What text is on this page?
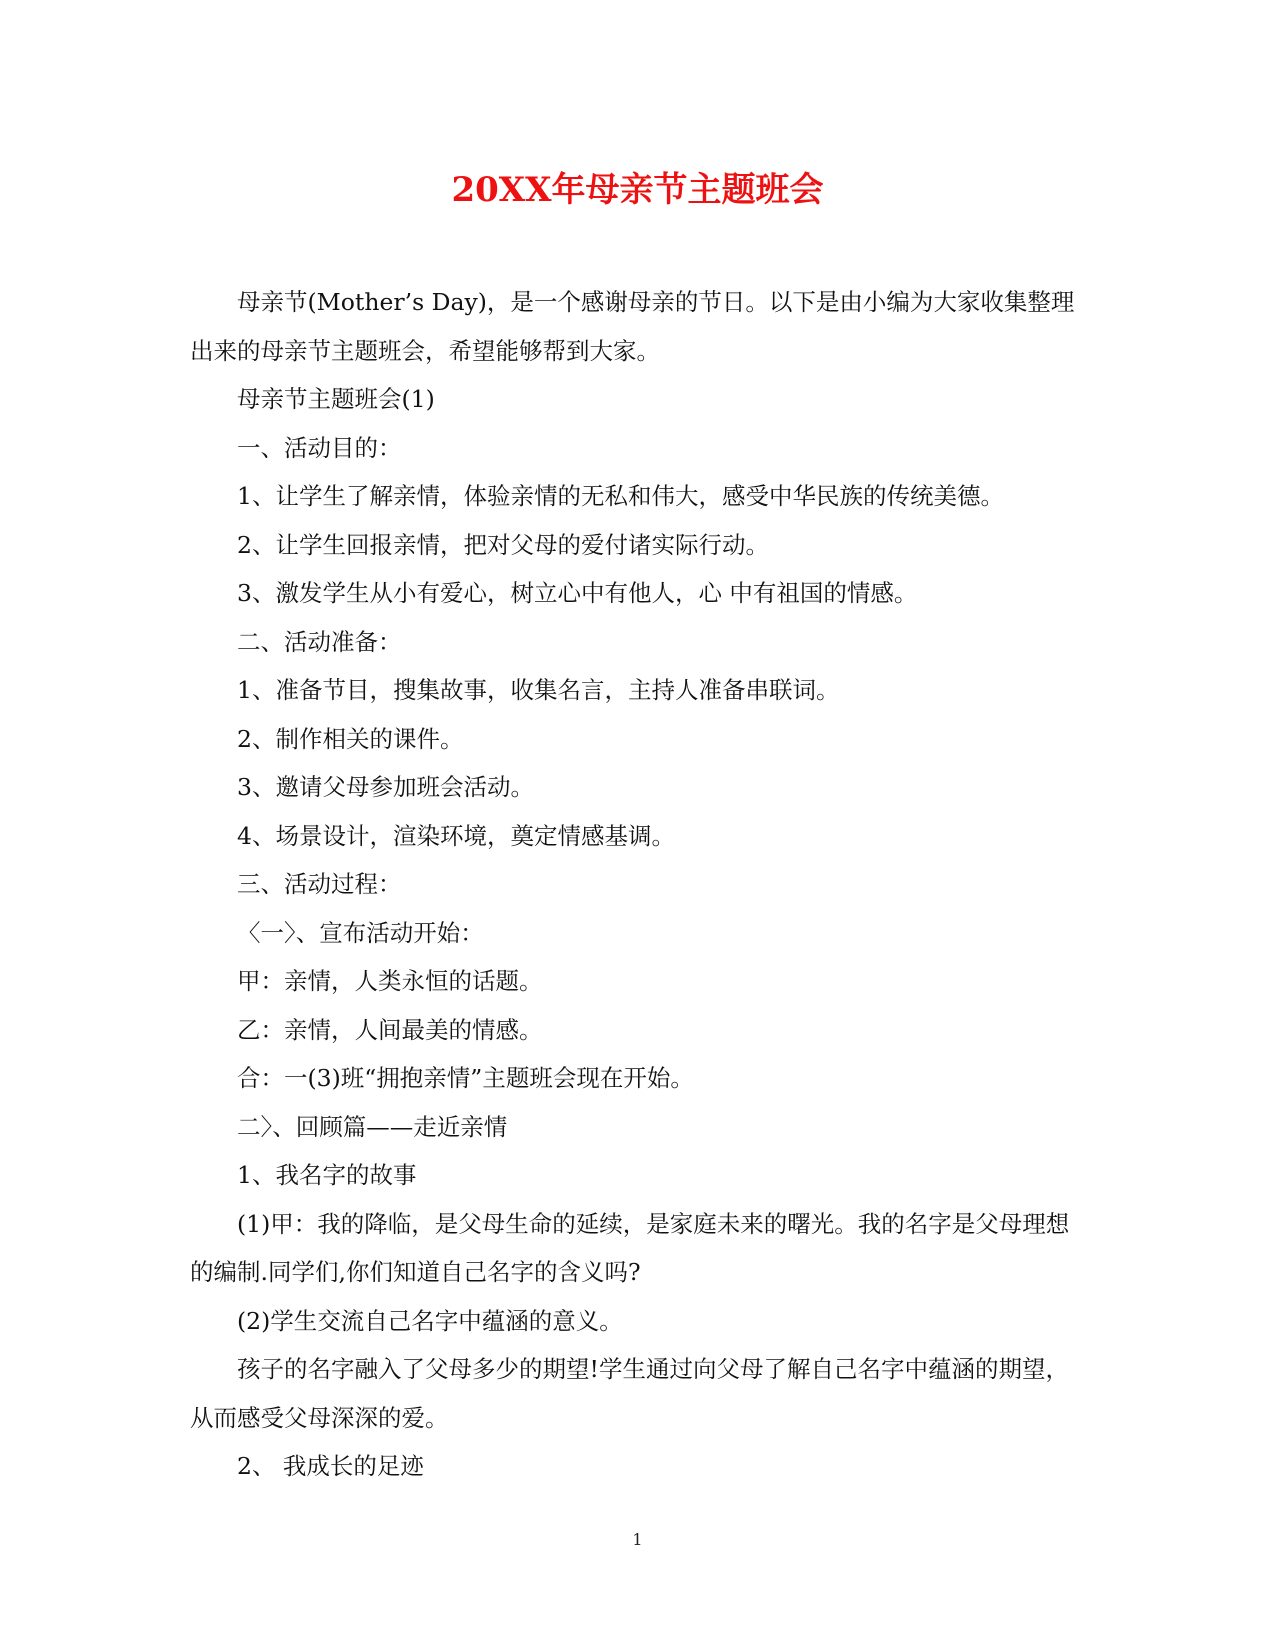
20XX年母亲节主题班会

母亲节(Mother’s Day)，是一个感谢母亲的节日。以下是由小编为大家收集整理出来的母亲节主题班会，希望能够帮到大家。

母亲节主题班会(1)

一、活动目的：

1、让学生了解亲情，体验亲情的无私和伟大，感受中华民族的传统美德。

2、让学生回报亲情，把对父母的爱付诸实际行动。

3、激发学生从小有爱心，树立心中有他人，心 中有祖国的情感。

二、活动准备：

1、准备节目，搜集故事，收集名言，主持人准备串联词。

2、制作相关的课件。

3、邀请父母参加班会活动。

4、场景设计，渲染环境，奠定情感基调。

三、活动过程：

〈一〉、宣布活动开始：

甲：亲情，人类永恒的话题。

乙：亲情，人间最美的情感。

合：一(3)班“拥抱亲情”主题班会现在开始。

二〉、回顾篇——走近亲情

1、我名字的故事

(1)甲：我的降临，是父母生命的延续，是家庭未来的曙光。我的名字是父母理想的编制.同学们,你们知道自己名字的含义吗?

(2)学生交流自己名字中蕴涵的意义。

孩子的名字融入了父母多少的期望!学生通过向父母了解自己名字中蕴涵的期望，从而感受父母深深的爱。

2、 我成长的足迹

1
